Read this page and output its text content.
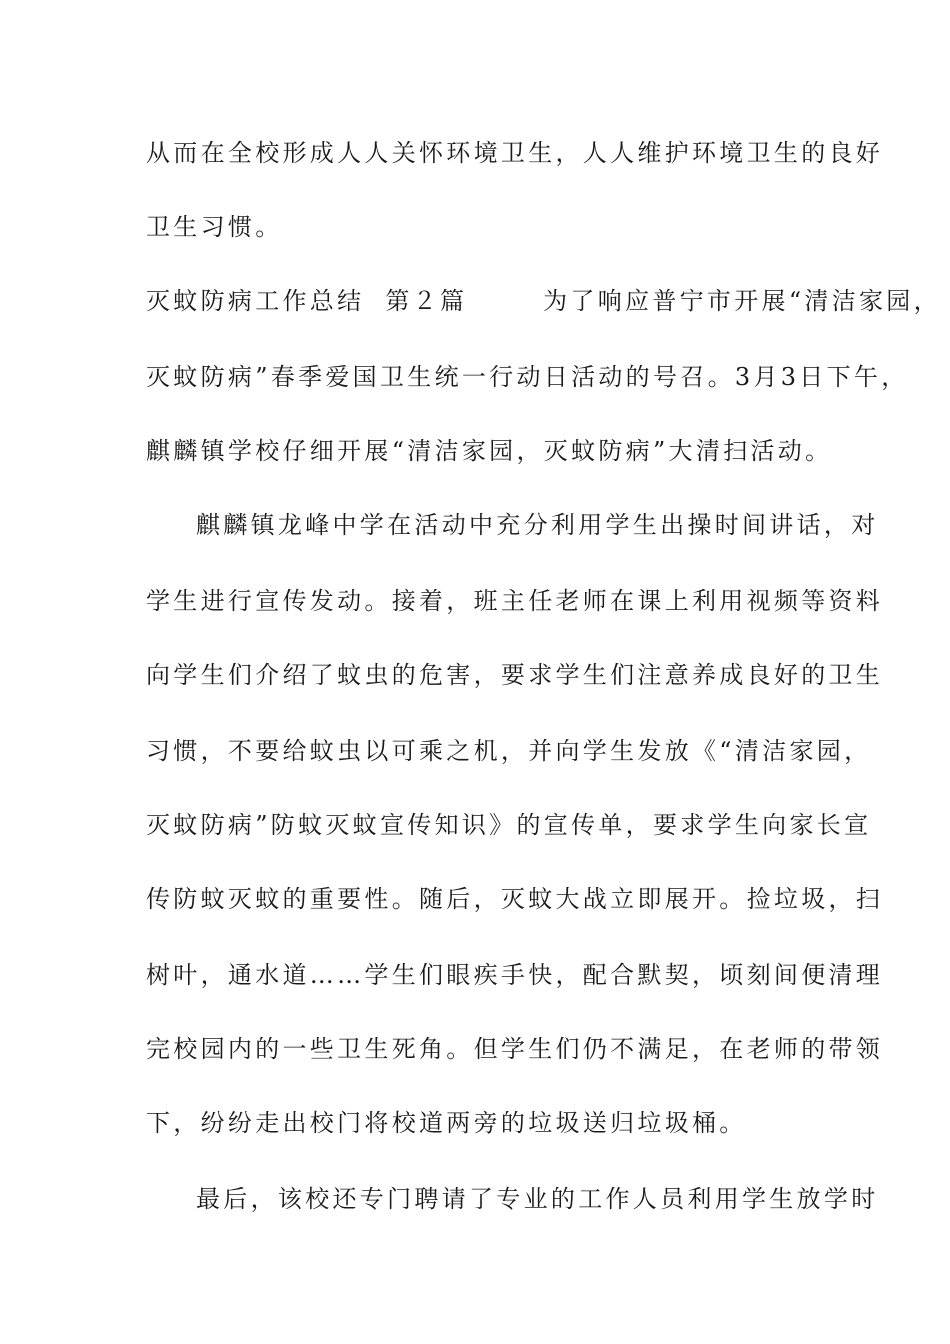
从而在全校形成人人关怀环境卫生，人人维护环境卫生的良好
卫生习惯。
灭蚊防病工作总结 第２篇	为了响应普宁市开展“清洁家园，
灭蚊防病”春季爱国卫生统一行动日活动的号召。3月3日下午，
麒麟镇学校仔细开展“清洁家园，灭蚊防病”大清扫活动。
麒麟镇龙峰中学在活动中充分利用学生出操时间讲话，对
学生进行宣传发动。接着，班主任老师在课上利用视频等资料
向学生们介绍了蚊虫的危害，要求学生们注意养成良好的卫生
习惯，不要给蚊虫以可乘之机，并向学生发放《“清洁家园，
灭蚊防病”防蚊灭蚊宣传知识》的宣传单，要求学生向家长宣
传防蚊灭蚊的重要性。随后，灭蚊大战立即展开。捡垃圾，扫
树叶，通水道……学生们眼疾手快，配合默契，顷刻间便清理
完校园内的一些卫生死角。但学生们仍不满足，在老师的带领
下，纷纷走出校门将校道两旁的垃圾送归垃圾桶。
最后，该校还专门聘请了专业的工作人员利用学生放学时
